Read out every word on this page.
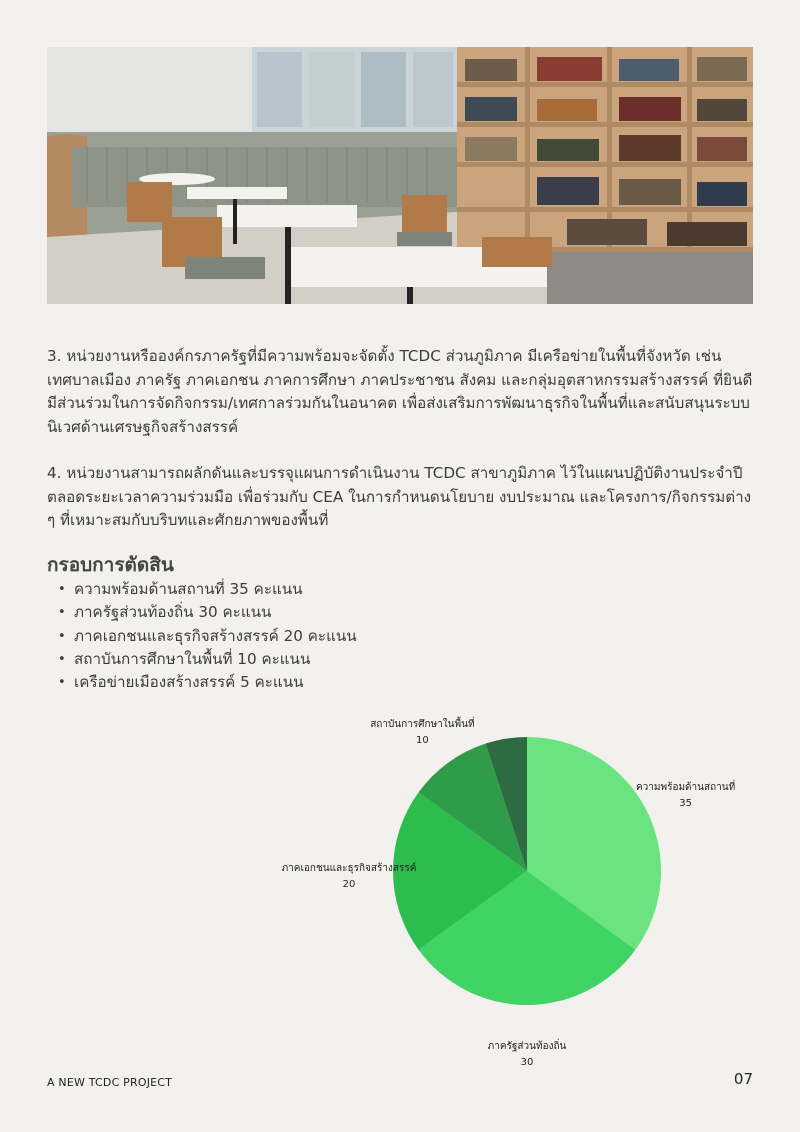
3. หน่วยงานหรือองค์กรภาครัฐที่มีความพร้อมจะจัดตั้ง TCDC ส่วนภูมิภาค มีเครือข่ายในพื้นที่จังหวัด เช่น เทศบาลเมือง ภาครัฐ ภาคเอกชน ภาคการศึกษา ภาคประชาชน สังคม และกลุ่มอุตสาหกรรมสร้างสรรค์ ที่ยินดีมีส่วนร่วมในการจัดกิจกรรม/เทศกาลร่วมกันในอนาคต เพื่อส่งเสริมการพัฒนาธุรกิจในพื้นที่และสนับสนุนระบบนิเวศด้านเศรษฐกิจสร้างสรรค์

4. หน่วยงานสามารถผลักดันและบรรจุแผนการดำเนินงาน TCDC สาขาภูมิภาค ไว้ในแผนปฏิบัติงานประจำปี ตลอดระยะเวลาความร่วมมือ เพื่อร่วมกับ CEA ในการกำหนดนโยบาย งบประมาณ และโครงการ/กิจกรรมต่าง ๆ ที่เหมาะสมกับบริบทและศักยภาพของพื้นที่

กรอบการตัดสิน
• ความพร้อมด้านสถานที่ 35 คะแนน
• ภาครัฐส่วนท้องถิ่น 30 คะแนน
• ภาคเอกชนและธุรกิจสร้างสรรค์ 20 คะแนน
• สถาบันการศึกษาในพื้นที่ 10 คะแนน
• เครือข่ายเมืองสร้างสรรค์ 5 คะแนน
ความพร้อมด้านสถานที่
35
ภาครัฐส่วนท้องถิ่น
30
ภาคเอกชนและธุรกิจสร้างสรรค์
20
สถาบันการศึกษาในพื้นที่
10
A NEW TCDC PROJECT	07
